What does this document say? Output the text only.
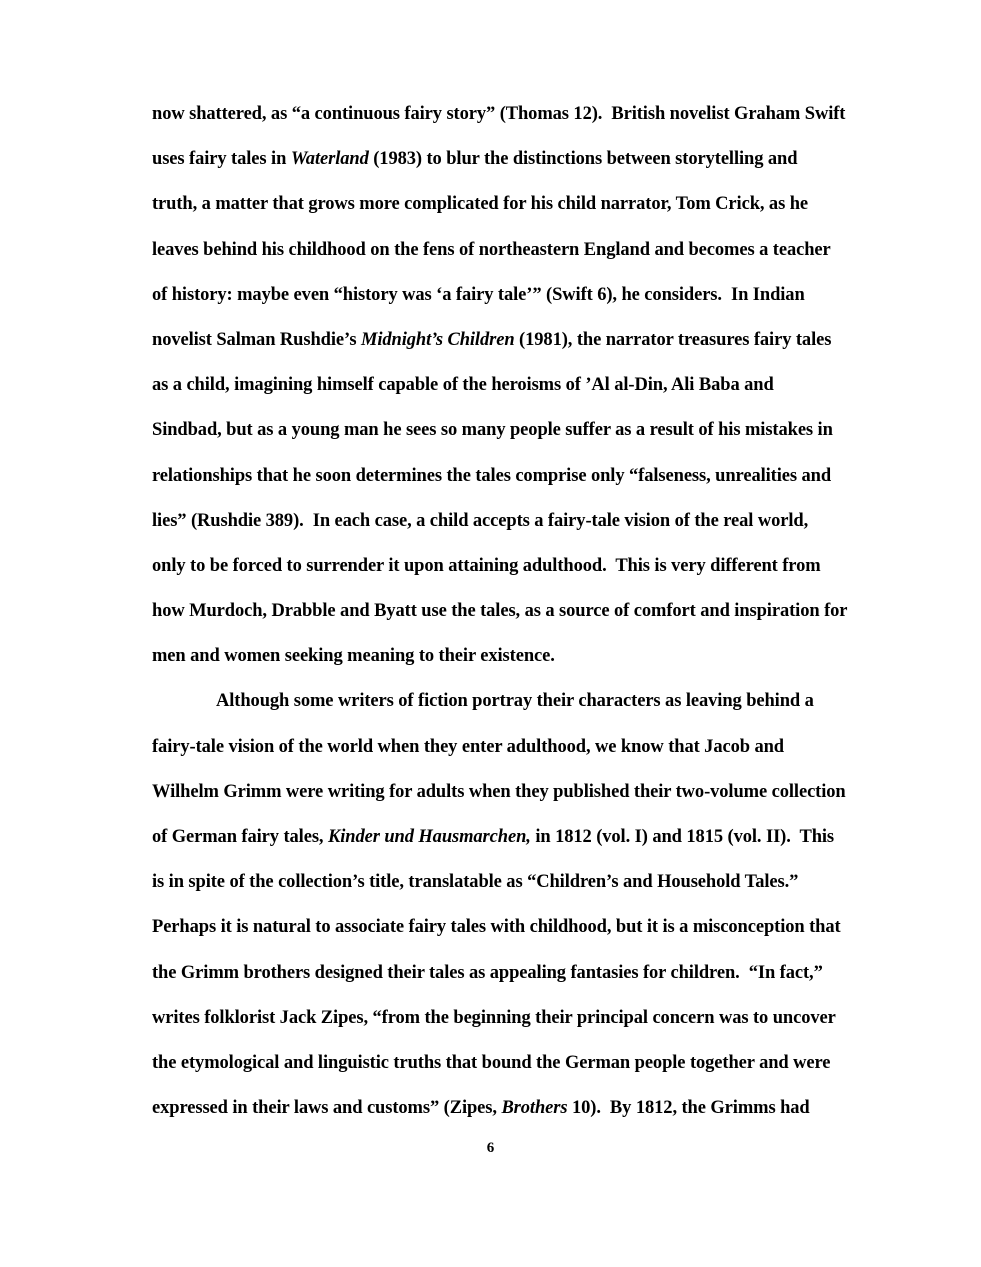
now shattered, as “a continuous fairy story” (Thomas 12).  British novelist Graham Swift
uses fairy tales in Waterland (1983) to blur the distinctions between storytelling and
truth, a matter that grows more complicated for his child narrator, Tom Crick, as he
leaves behind his childhood on the fens of northeastern England and becomes a teacher
of history: maybe even “history was ‘a fairy tale’” (Swift 6), he considers.  In Indian
novelist Salman Rushdie’s Midnight’s Children (1981), the narrator treasures fairy tales
as a child, imagining himself capable of the heroisms of ’Al al-Din, Ali Baba and
Sindbad, but as a young man he sees so many people suffer as a result of his mistakes in
relationships that he soon determines the tales comprise only “falseness, unrealities and
lies” (Rushdie 389).  In each case, a child accepts a fairy-tale vision of the real world,
only to be forced to surrender it upon attaining adulthood.  This is very different from
how Murdoch, Drabble and Byatt use the tales, as a source of comfort and inspiration for
men and women seeking meaning to their existence.
Although some writers of fiction portray their characters as leaving behind a
fairy-tale vision of the world when they enter adulthood, we know that Jacob and
Wilhelm Grimm were writing for adults when they published their two-volume collection
of German fairy tales, Kinder und Hausmarchen, in 1812 (vol. I) and 1815 (vol. II).  This
is in spite of the collection’s title, translatable as “Children’s and Household Tales.”
Perhaps it is natural to associate fairy tales with childhood, but it is a misconception that
the Grimm brothers designed their tales as appealing fantasies for children.  “In fact,”
writes folklorist Jack Zipes, “from the beginning their principal concern was to uncover
the etymological and linguistic truths that bound the German people together and were
expressed in their laws and customs” (Zipes, Brothers 10).  By 1812, the Grimms had
6
